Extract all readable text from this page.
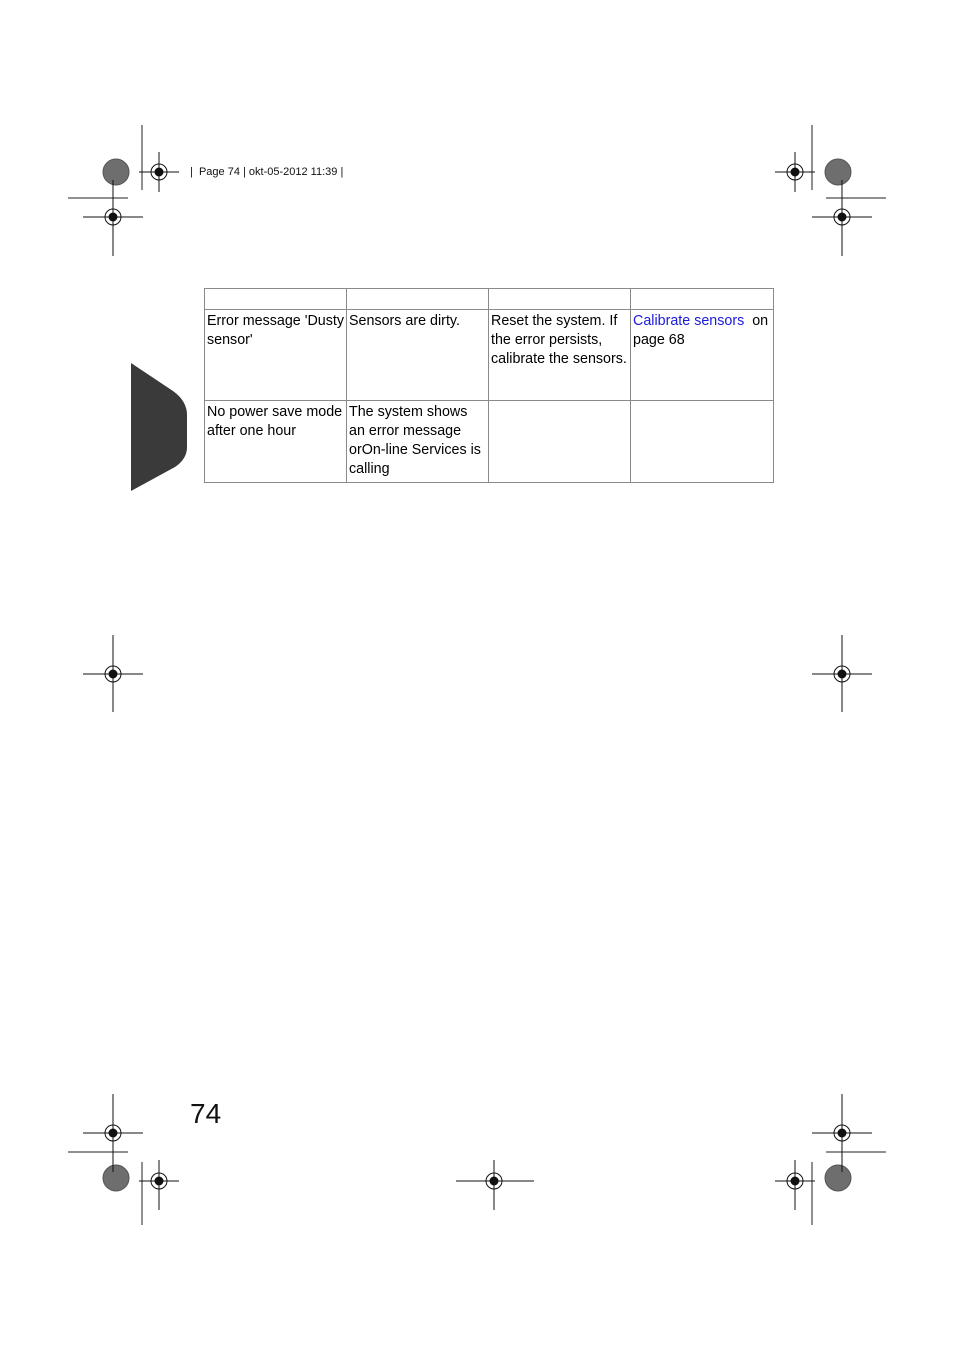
|  Page 74 | okt-05-2012 11:39 |

Error message 'Dusty sensor'	Sensors are dirty.	Reset the system. If the error persists, calibrate the sensors.	Calibrate sensors  on page 68
No power save mode after one hour	The system shows an error message orOn-line Services is calling		
74
